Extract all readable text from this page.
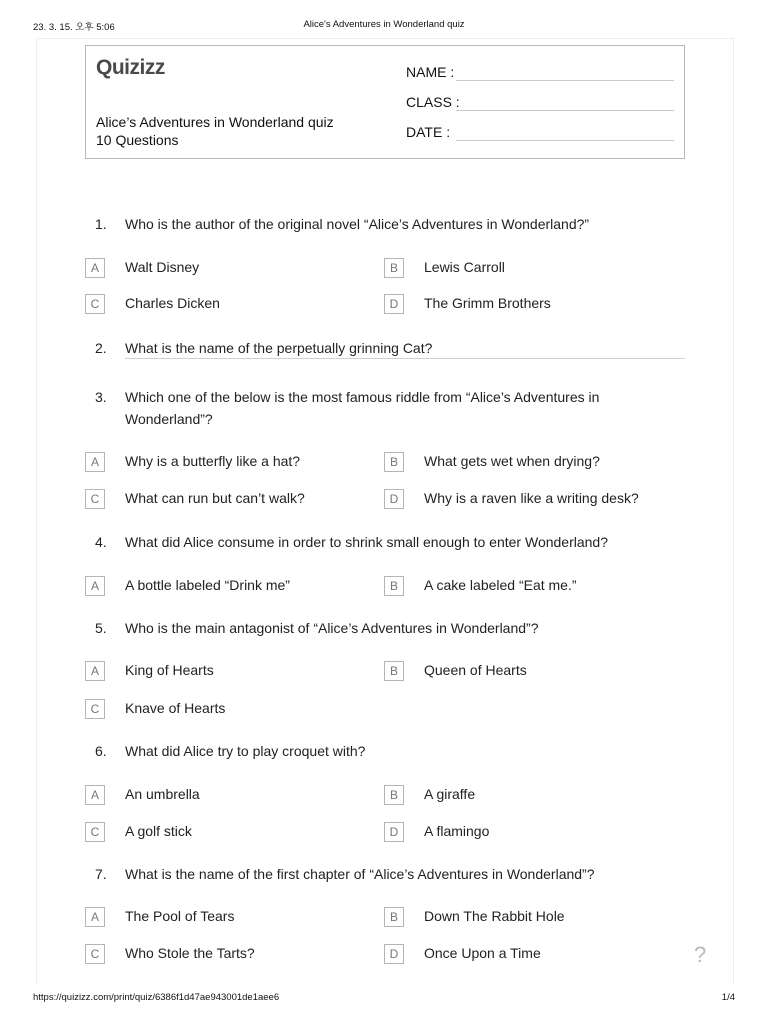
23. 3. 15. 오후 5:06	Alice's Adventures in Wonderland quiz
Quizizz
Alice’s Adventures in Wonderland quiz
10 Questions
NAME :
CLASS :
DATE :
1.	Who is the author of the original novel “Alice’s Adventures in Wonderland?”
A	Walt Disney	B	Lewis Carroll
C	Charles Dicken	D	The Grimm Brothers
2.	What is the name of the perpetually grinning Cat?
3.	Which one of the below is the most famous riddle from “Alice’s Adventures in
Wonderland”?
A	Why is a butterfly like a hat?	B	What gets wet when drying?
C	What can run but can’t walk?	D	Why is a raven like a writing desk?
4.	What did Alice consume in order to shrink small enough to enter Wonderland?
A	A bottle labeled “Drink me”	B	A cake labeled “Eat me.”
5.	Who is the main antagonist of “Alice’s Adventures in Wonderland”?
A	King of Hearts	B	Queen of Hearts
C	Knave of Hearts
6.	What did Alice try to play croquet with?
A	An umbrella	B	A giraffe
C	A golf stick	D	A flamingo
7.	What is the name of the first chapter of “Alice’s Adventures in Wonderland”?
A	The Pool of Tears	B	Down The Rabbit Hole
C	Who Stole the Tarts?	D	Once Upon a Time	?
https://quizizz.com/print/quiz/6386f1d47ae943001de1aee6	1/4
